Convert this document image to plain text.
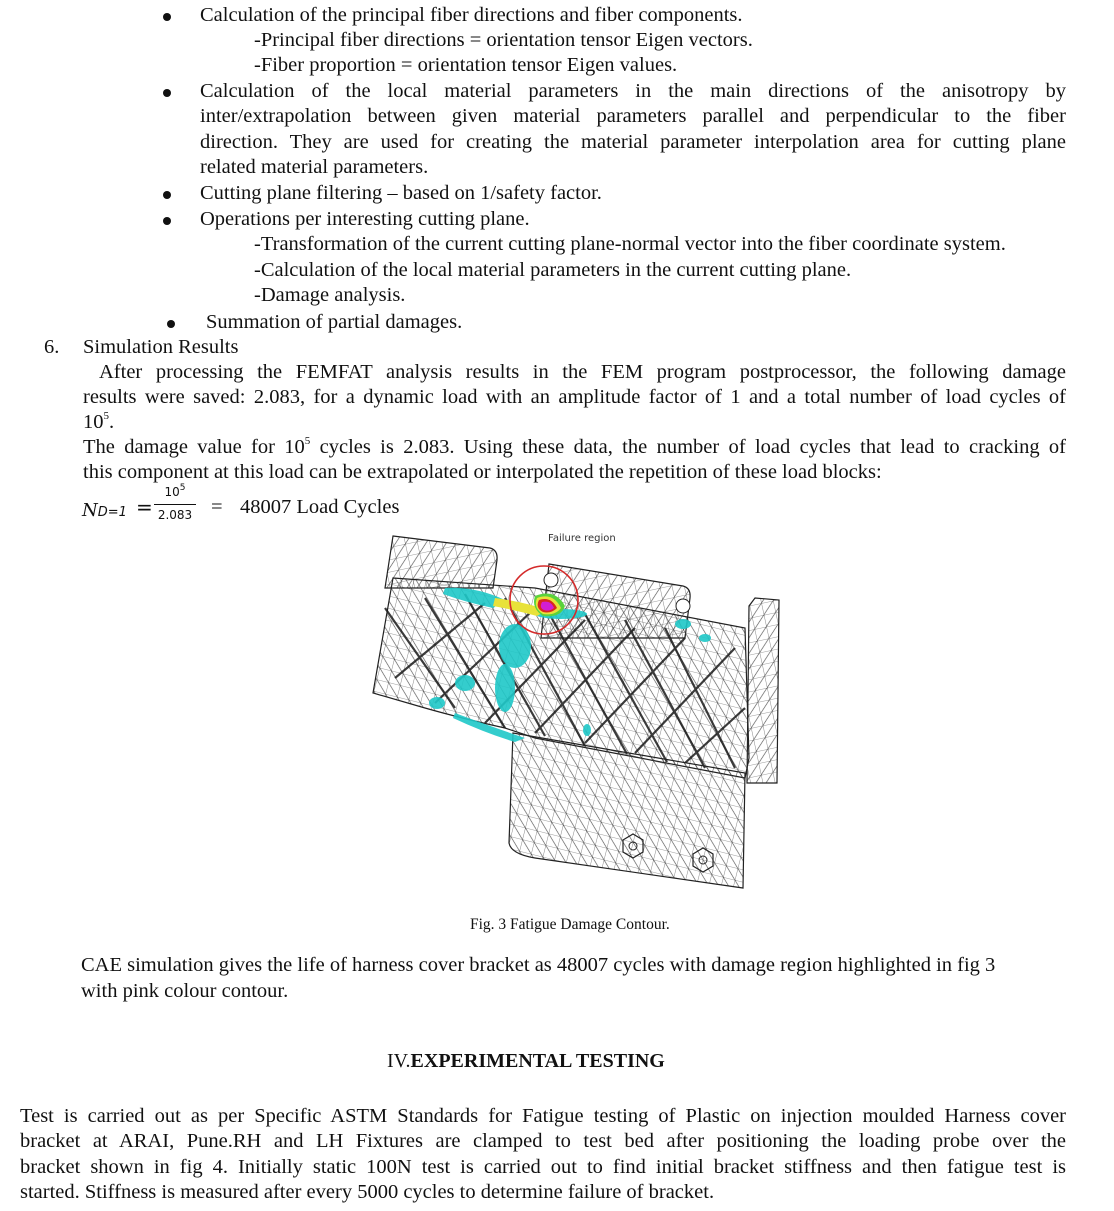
Calculation of the principal fiber directions and fiber components.
-Principal fiber directions = orientation tensor Eigen vectors.
-Fiber proportion = orientation tensor Eigen values.
Calculation of the local material parameters in the main directions of the anisotropy by
inter/extrapolation between given material parameters parallel and perpendicular to the fiber
direction. They are used for creating the material parameter interpolation area for cutting plane
related material parameters.
Cutting plane filtering – based on 1/safety factor.
Operations per interesting cutting plane.
-Transformation of the current cutting plane-normal vector into the fiber coordinate system.
-Calculation of the local material parameters in the current cutting plane.
-Damage analysis.
Summation of partial damages.
6. Simulation Results
After processing the FEMFAT analysis results in the FEM program postprocessor, the following damage
results were saved: 2.083, for a dynamic load with an amplitude factor of 1 and a total number of load cycles of
$10^5$.
The damage value for $10^5$ cycles is 2.083. Using these data, the number of load cycles that lead to cracking of
this component at this load can be extrapolated or interpolated the repetition of these load blocks:
ND=1 =
$10^5$
2.083 = 48007 Load Cycles
Failure region
Fig. 3 Fatigue Damage Contour.
CAE simulation gives the life of harness cover bracket as 48007 cycles with damage region highlighted in fig 3
with pink colour contour.
IV.EXPERIMENTAL TESTING
Test is carried out as per Specific ASTM Standards for Fatigue testing of Plastic on injection moulded Harness cover
bracket at ARAI, Pune.RH and LH Fixtures are clamped to test bed after positioning the loading probe over the
bracket shown in fig 4. Initially static 100N test is carried out to find initial bracket stiffness and then fatigue test is
started. Stiffness is measured after every 5000 cycles to determine failure of bracket.
